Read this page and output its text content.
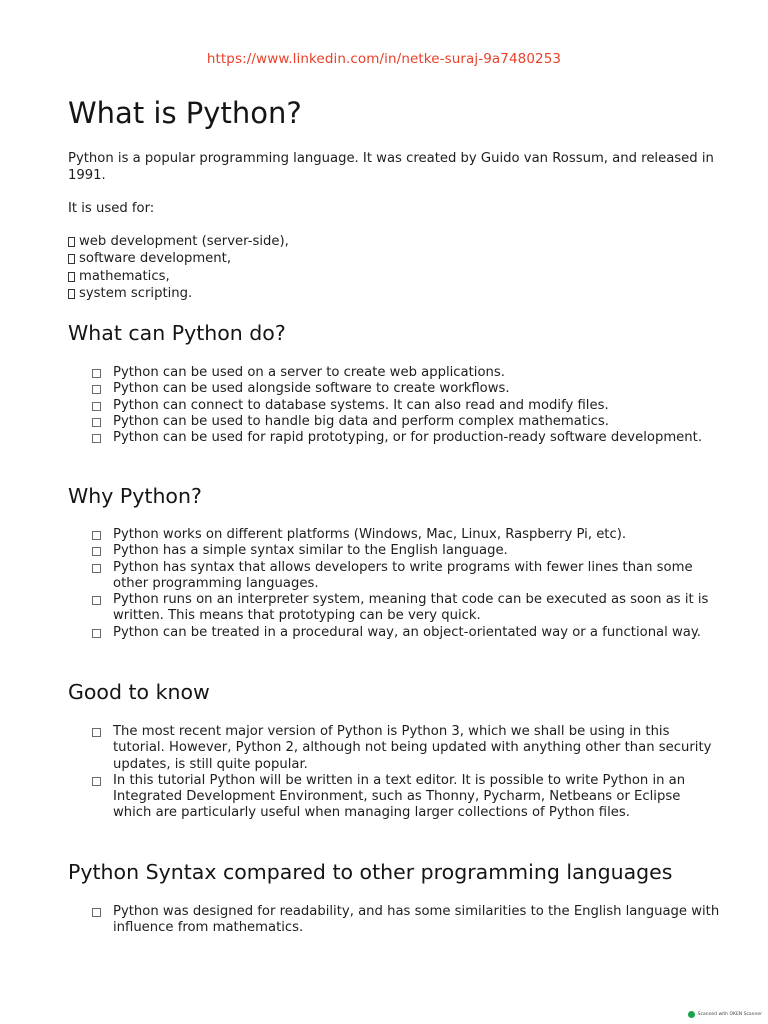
https://www.linkedin.com/in/netke-suraj-9a7480253
What is Python?

Python is a popular programming language. It was created by Guido van Rossum, and released in 1991.

It is used for:

web development (server-side),
software development,
mathematics,
system scripting.
What can Python do?
Python can be used on a server to create web applications.
Python can be used alongside software to create workflows.
Python can connect to database systems. It can also read and modify files.
Python can be used to handle big data and perform complex mathematics.
Python can be used for rapid prototyping, or for production-ready software development.
Why Python?
Python works on different platforms (Windows, Mac, Linux, Raspberry Pi, etc).
Python has a simple syntax similar to the English language.
Python has syntax that allows developers to write programs with fewer lines than some other programming languages.
Python runs on an interpreter system, meaning that code can be executed as soon as it is written. This means that prototyping can be very quick.
Python can be treated in a procedural way, an object-orientated way or a functional way.
Good to know
The most recent major version of Python is Python 3, which we shall be using in this tutorial. However, Python 2, although not being updated with anything other than security updates, is still quite popular.
In this tutorial Python will be written in a text editor. It is possible to write Python in an Integrated Development Environment, such as Thonny, Pycharm, Netbeans or Eclipse which are particularly useful when managing larger collections of Python files.
Python Syntax compared to other programming languages
Python was designed for readability, and has some similarities to the English language with influence from mathematics.
Scanned with OKEN Scanner
